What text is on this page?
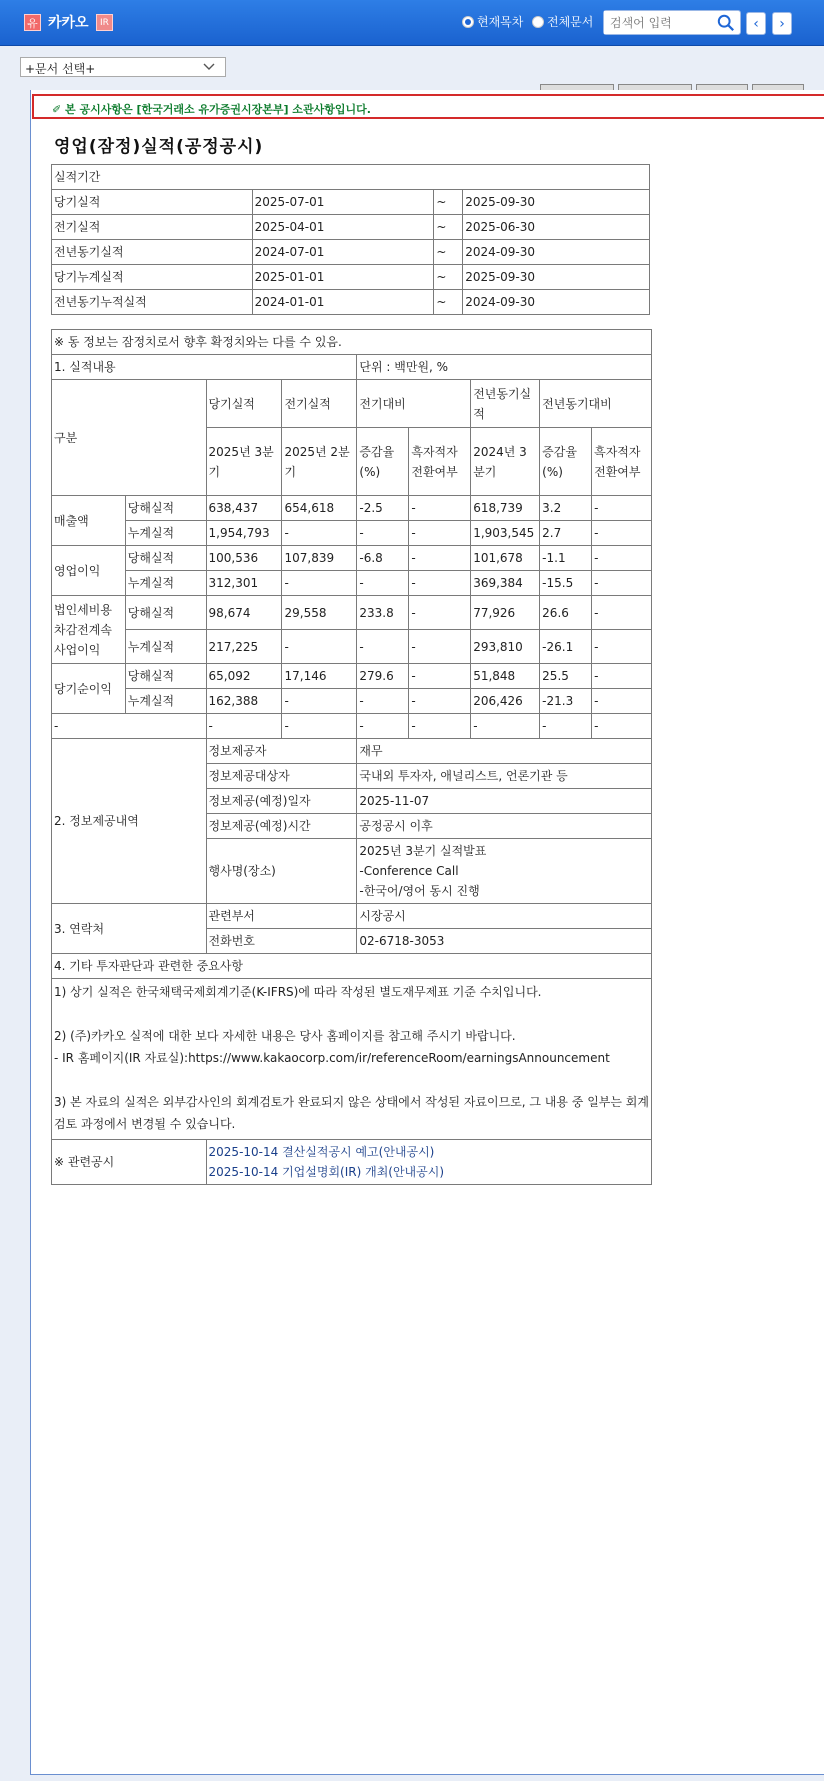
유 카카오	IR	현재목차 전체문서
검색어 입력	‹	›
+문서 선택+
✐ 본 공시사항은 [한국거래소 유가증권시장본부] 소관사항입니다.
영업(잠정)실적(공정공시)
실적기간			
당기실적	2025-07-01	~	2025-09-30
전기실적	2025-04-01	~	2025-06-30
전년동기실적	2024-07-01	~	2024-09-30
당기누계실적	2025-01-01	~	2025-09-30
전년동기누적실적	2024-01-01	~	2024-09-30
※ 동 정보는 잠정치로서 향후 확정치와는 다를 수 있음.								
1. 실적내용				단위 : 백만원, %				
구분		당기실적	전기실적	전기대비		전년동기실적	전년동기대비	
		2025년 3분기	2025년 2분기	증감율(%)	흑자적자전환여부	2024년 3분기	증감율(%)	흑자적자전환여부
매출액	당해실적	638,437	654,618	-2.5	-	618,739	3.2	-
	누계실적	1,954,793	-	-	-	1,903,545	2.7	-
영업이익	당해실적	100,536	107,839	-6.8	-	101,678	-1.1	-
	누계실적	312,301	-	-	-	369,384	-15.5	-
법인세비용차감전계속사업이익	당해실적	98,674	29,558	233.8	-	77,926	26.6	-
	누계실적	217,225	-	-	-	293,810	-26.1	-
당기순이익	당해실적	65,092	17,146	279.6	-	51,848	25.5	-
	누계실적	162,388	-	-	-	206,426	-21.3	-
-		-	-	-	-	-	-	-
2. 정보제공내역		정보제공자		재무				
		정보제공대상자		국내외 투자자, 애널리스트, 언론기관 등				
		정보제공(예정)일자		2025-11-07				
		정보제공(예정)시간		공정공시 이후				
		행사명(장소)		2025년 3분기 실적발표
-Conference Call
-한국어/영어 동시 진행				

3. 연락처		관련부서		시장공시				
		전화번호		02-6718-3053				
4. 기타 투자판단과 관련한 중요사항								

1) 상기 실적은 한국채택국제회계기준(K-IFRS)에 따라 작성된 별도재무제표 기준 수치입니다.
2) (주)카카오 실적에 대한 보다 자세한 내용은 당사 홈페이지를 참고해 주시기 바랍니다.
- IR 홈페이지(IR 자료실):https://www.kakaocorp.com/ir/referenceRoom/earningsAnnouncement
3) 본 자료의 실적은 외부감사인의 회계검토가 완료되지 않은 상태에서 작성된 자료이므로, 그 내용 중 일부는 회계검토 과정에서 변경될 수 있습니다.								

※ 관련공시		2025-10-14 결산실적공시 예고(안내공시)
2025-10-14 기업설명회(IR) 개최(안내공시)						
